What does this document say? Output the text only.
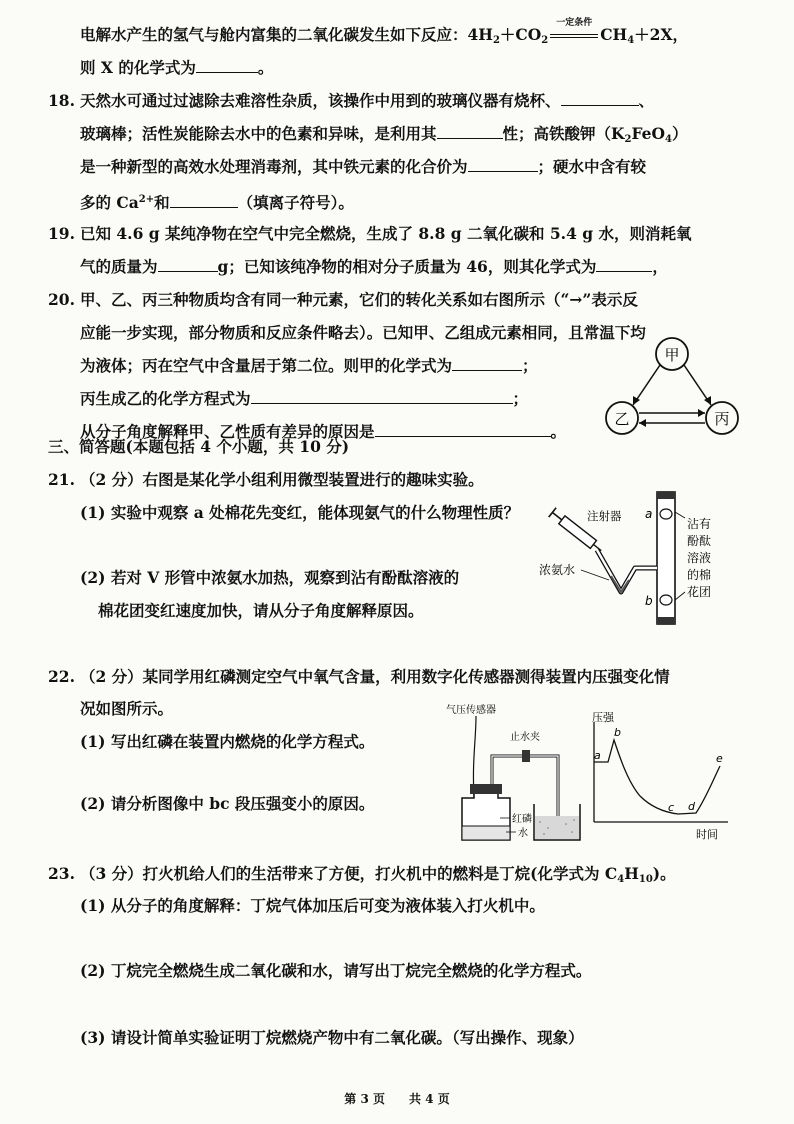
电解水产生的氢气与舱内富集的二氧化碳发生如下反应：$4H_2+CO_2$
一定条件
$CH_4+2X$，
则 X 的化学式为	。
18. 天然水可通过过滤除去难溶性杂质，该操作中用到的玻璃仪器有烧杯、	、
玻璃棒；活性炭能除去水中的色素和异味，是利用其	性；高铁酸钾$(K_2FeO_4)$
是一种新型的高效水处理消毒剂，其中铁元素的化合价为	；硬水中含有较
多的 $Ca^{2+}$和	（填离子符号）。
19. 已知 4.6 g 某纯净物在空气中完全燃烧，生成了 8.8 g 二氧化碳和 5.4 g 水，则消耗氧
气的质量为	g；已知该纯净物的相对分子质量为 46，则其化学式为	，
20. 甲、乙、丙三种物质均含有同一种元素，它们的转化关系如右图所示（“→”表示反
应能一步实现，部分物质和反应条件略去）。已知甲、乙组成元素相同，且常温下均
为液体；丙在空气中含量居于第二位。则甲的化学式为	；
丙生成乙的化学方程式为	；
从分子角度解释甲、乙性质有差异的原因是	。
甲
乙	丙
三、简答题(本题包括 4 个小题，共 10 分)
21. （2 分）右图是某化学小组利用微型装置进行的趣味实验。
(1) 实验中观察 a 处棉花先变红，能体现氨气的什么物理性质？
(2) 若对 V 形管中浓氨水加热，观察到沾有酚酞溶液的
棉花团变红速度加快，请从分子角度解释原因。
a
b
注射器
浓氨水
沾有
酚酞
溶液
的棉
花团
22. （2 分）某同学用红磷测定空气中氧气含量，利用数字化传感器测得装置内压强变化情
况如图所示。
(1) 写出红磷在装置内燃烧的化学方程式。
(2) 请分析图像中 bc 段压强变小的原因。
气压传感器
止水夹
红磷
水
压强
时间
a
b
c d
e
23. （3 分）打火机给人们的生活带来了方便，打火机中的燃料是丁烷(化学式为 $C_4H_{10}$)。
(1) 从分子的角度解释：丁烷气体加压后可变为液体装入打火机中。
(2) 丁烷完全燃烧生成二氧化碳和水，请写出丁烷完全燃烧的化学方程式。
(3) 请设计简单实验证明丁烷燃烧产物中有二氧化碳。（写出操作、现象）
第 3 页　　共 4 页
